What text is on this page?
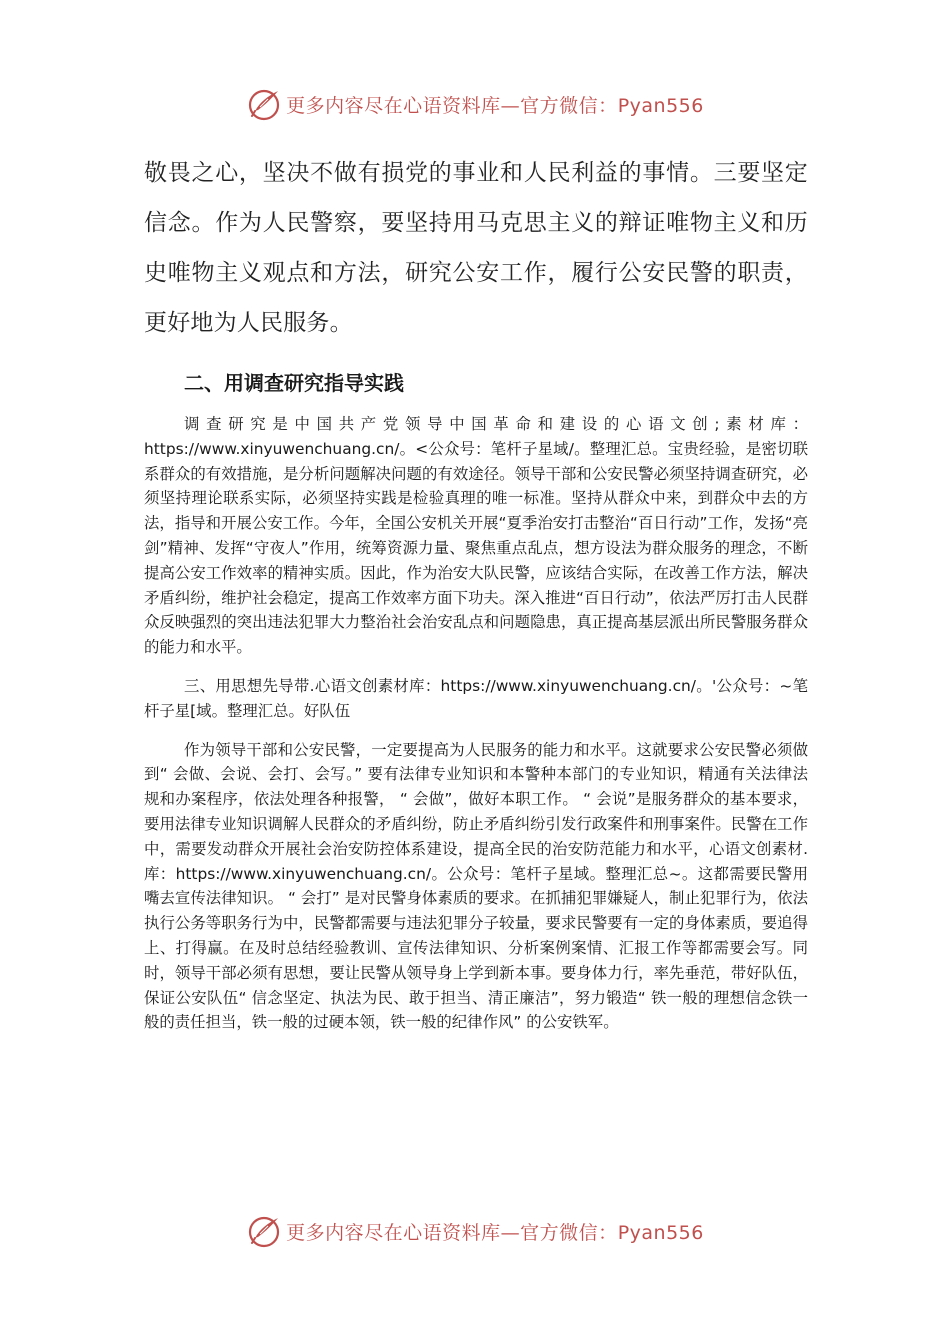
更多内容尽在心语资料库—官方微信：Pyan556

敬畏之心，坚决不做有损党的事业和人民利益的事情。三要坚定信念。作为人民警察，要坚持用马克思主义的辩证唯物主义和历史唯物主义观点和方法，研究公安工作，履行公安民警的职责，更好地为人民服务。

二、用调查研究指导实践

调查研究是中国共产党领导中国革命和建设的心语文创;素材库：https://www.xinyuwenchuang.cn/。<公众号：笔杆子星域/。整理汇总。宝贵经验，是密切联系群众的有效措施，是分析问题解决问题的有效途径。领导干部和公安民警必须坚持调查研究，必须坚持理论联系实际，必须坚持实践是检验真理的唯一标准。坚持从群众中来，到群众中去的方法，指导和开展公安工作。今年，全国公安机关开展“夏季治安打击整治“百日行动”工作，发扬“亮剑”精神、发挥“守夜人”作用，统筹资源力量、聚焦重点乱点，想方设法为群众服务的理念，不断提高公安工作效率的精神实质。因此，作为治安大队民警，应该结合实际，在改善工作方法，解决矛盾纠纷，维护社会稳定，提高工作效率方面下功夫。深入推进“百日行动”，依法严厉打击人民群众反映强烈的突出违法犯罪大力整治社会治安乱点和问题隐患，真正提高基层派出所民警服务群众的能力和水平。

三、用思想先导带.心语文创素材库：https://www.xinyuwenchuang.cn/。'公众号：~笔杆子星[域。整理汇总。好队伍

作为领导干部和公安民警，一定要提高为人民服务的能力和水平。这就要求公安民警必须做到“ 会做、会说、会打、会写。” 要有法律专业知识和本警种本部门的专业知识，精通有关法律法规和办案程序，依法处理各种报警， “ 会做”，做好本职工作。 “ 会说”是服务群众的基本要求，要用法律专业知识调解人民群众的矛盾纠纷，防止矛盾纠纷引发行政案件和刑事案件。民警在工作中，需要发动群众开展社会治安防控体系建设，提高全民的治安防范能力和水平，心语文创素材.库：https://www.xinyuwenchuang.cn/。公众号：笔杆子星域。整理汇总~。这都需要民警用嘴去宣传法律知识。 “ 会打” 是对民警身体素质的要求。在抓捕犯罪嫌疑人，制止犯罪行为，依法执行公务等职务行为中，民警都需要与违法犯罪分子较量，要求民警要有一定的身体素质，要追得上、打得赢。在及时总结经验教训、宣传法律知识、分析案例案情、汇报工作等都需要会写。同时，领导干部必须有思想，要让民警从领导身上学到新本事。要身体力行，率先垂范，带好队伍，保证公安队伍“ 信念坚定、执法为民、敢于担当、清正廉洁”，努力锻造“ 铁一般的理想信念铁一般的责任担当，铁一般的过硬本领，铁一般的纪律作风” 的公安铁军。

更多内容尽在心语资料库—官方微信：Pyan556
